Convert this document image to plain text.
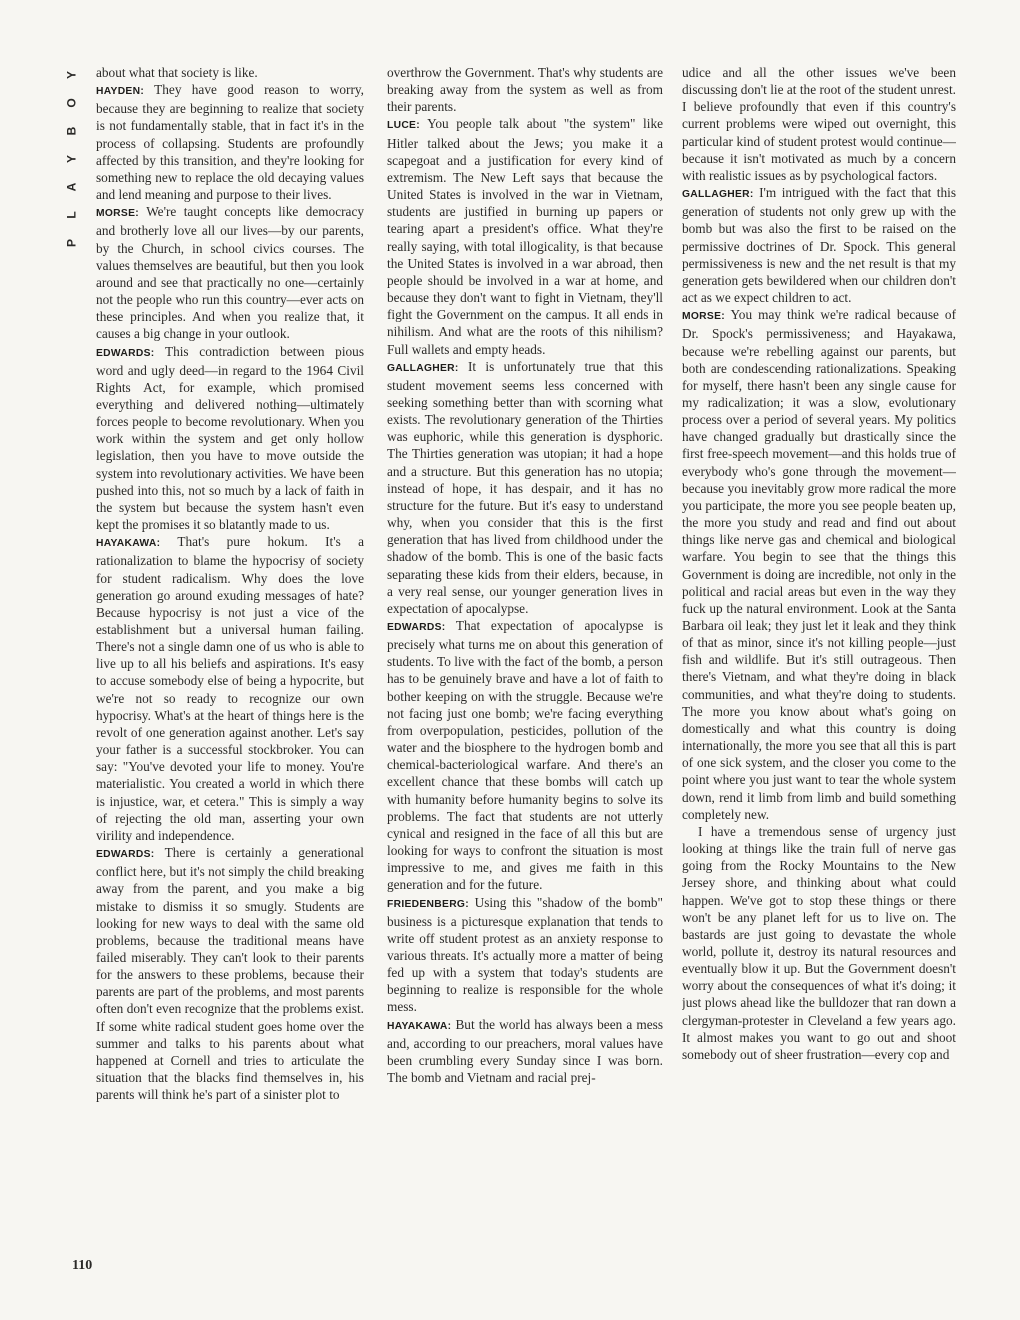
Y
O
B
Y
A
L
P
110

about what that society is like.

HAYDEN: They have good reason to worry, because they are beginning to realize that society is not fundamentally stable, that in fact it's in the process of collapsing. Students are profoundly affected by this transition, and they're looking for something new to replace the old decaying values and lend meaning and purpose to their lives.

MORSE: We're taught concepts like democracy and brotherly love all our lives—by our parents, by the Church, in school civics courses. The values themselves are beautiful, but then you look around and see that practically no one—certainly not the people who run this country—ever acts on these principles. And when you realize that, it causes a big change in your outlook.

EDWARDS: This contradiction between pious word and ugly deed—in regard to the 1964 Civil Rights Act, for example, which promised everything and delivered nothing—ultimately forces people to become revolutionary. When you work within the system and get only hollow legislation, then you have to move outside the system into revolutionary activities. We have been pushed into this, not so much by a lack of faith in the system but because the system hasn't even kept the promises it so blatantly made to us.

HAYAKAWA: That's pure hokum. It's a rationalization to blame the hypocrisy of society for student radicalism. Why does the love generation go around exuding messages of hate? Because hypocrisy is not just a vice of the establishment but a universal human failing. There's not a single damn one of us who is able to live up to all his beliefs and aspirations. It's easy to accuse somebody else of being a hypocrite, but we're not so ready to recognize our own hypocrisy. What's at the heart of things here is the revolt of one generation against another. Let's say your father is a successful stockbroker. You can say: "You've devoted your life to money. You're materialistic. You created a world in which there is injustice, war, et cetera." This is simply a way of rejecting the old man, asserting your own virility and independence.

EDWARDS: There is certainly a generational conflict here, but it's not simply the child breaking away from the parent, and you make a big mistake to dismiss it so smugly. Students are looking for new ways to deal with the same old problems, because the traditional means have failed miserably. They can't look to their parents for the answers to these problems, because their parents are part of the problems, and most parents often don't even recognize that the problems exist. If some white radical student goes home over the summer and talks to his parents about what happened at Cornell and tries to articulate the situation that the blacks find themselves in, his parents will think he's part of a sinister plot to

overthrow the Government. That's why students are breaking away from the system as well as from their parents.

LUCE: You people talk about "the system" like Hitler talked about the Jews; you make it a scapegoat and a justification for every kind of extremism. The New Left says that because the United States is involved in the war in Vietnam, students are justified in burning up papers or tearing apart a president's office. What they're really saying, with total illogicality, is that because the United States is involved in a war abroad, then people should be involved in a war at home, and because they don't want to fight in Vietnam, they'll fight the Government on the campus. It all ends in nihilism. And what are the roots of this nihilism? Full wallets and empty heads.

GALLAGHER: It is unfortunately true that this student movement seems less concerned with seeking something better than with scorning what exists. The revolutionary generation of the Thirties was euphoric, while this generation is dysphoric. The Thirties generation was utopian; it had a hope and a structure. But this generation has no utopia; instead of hope, it has despair, and it has no structure for the future. But it's easy to understand why, when you consider that this is the first generation that has lived from childhood under the shadow of the bomb. This is one of the basic facts separating these kids from their elders, because, in a very real sense, our younger generation lives in expectation of apocalypse.

EDWARDS: That expectation of apocalypse is precisely what turns me on about this generation of students. To live with the fact of the bomb, a person has to be genuinely brave and have a lot of faith to bother keeping on with the struggle. Because we're not facing just one bomb; we're facing everything from overpopulation, pesticides, pollution of the water and the biosphere to the hydrogen bomb and chemical-bacteriological warfare. And there's an excellent chance that these bombs will catch up with humanity before humanity begins to solve its problems. The fact that students are not utterly cynical and resigned in the face of all this but are looking for ways to confront the situation is most impressive to me, and gives me faith in this generation and for the future.

FRIEDENBERG: Using this "shadow of the bomb" business is a picturesque explanation that tends to write off student protest as an anxiety response to various threats. It's actually more a matter of being fed up with a system that today's students are beginning to realize is responsible for the whole mess.

HAYAKAWA: But the world has always been a mess and, according to our preachers, moral values have been crumbling every Sunday since I was born. The bomb and Vietnam and racial prej-

udice and all the other issues we've been discussing don't lie at the root of the student unrest. I believe profoundly that even if this country's current problems were wiped out overnight, this particular kind of student protest would continue—because it isn't motivated as much by a concern with realistic issues as by psychological factors.

GALLAGHER: I'm intrigued with the fact that this generation of students not only grew up with the bomb but was also the first to be raised on the permissive doctrines of Dr. Spock. This general permissiveness is new and the net result is that my generation gets bewildered when our children don't act as we expect children to act.

MORSE: You may think we're radical because of Dr. Spock's permissiveness; and Hayakawa, because we're rebelling against our parents, but both are condescending rationalizations. Speaking for myself, there hasn't been any single cause for my radicalization; it was a slow, evolutionary process over a period of several years. My politics have changed gradually but drastically since the first free-speech movement—and this holds true of everybody who's gone through the movement—because you inevitably grow more radical the more you participate, the more you see people beaten up, the more you study and read and find out about things like nerve gas and chemical and biological warfare. You begin to see that the things this Government is doing are incredible, not only in the political and racial areas but even in the way they fuck up the natural environment. Look at the Santa Barbara oil leak; they just let it leak and they think of that as minor, since it's not killing people—just fish and wildlife. But it's still outrageous. Then there's Vietnam, and what they're doing in black communities, and what they're doing to students. The more you know about what's going on domestically and what this country is doing internationally, the more you see that all this is part of one sick system, and the closer you come to the point where you just want to tear the whole system down, rend it limb from limb and build something completely new.

I have a tremendous sense of urgency just looking at things like the train full of nerve gas going from the Rocky Mountains to the New Jersey shore, and thinking about what could happen. We've got to stop these things or there won't be any planet left for us to live on. The bastards are just going to devastate the whole world, pollute it, destroy its natural resources and eventually blow it up. But the Government doesn't worry about the consequences of what it's doing; it just plows ahead like the bulldozer that ran down a clergyman-protester in Cleveland a few years ago. It almost makes you want to go out and shoot somebody out of sheer frustration—every cop and
